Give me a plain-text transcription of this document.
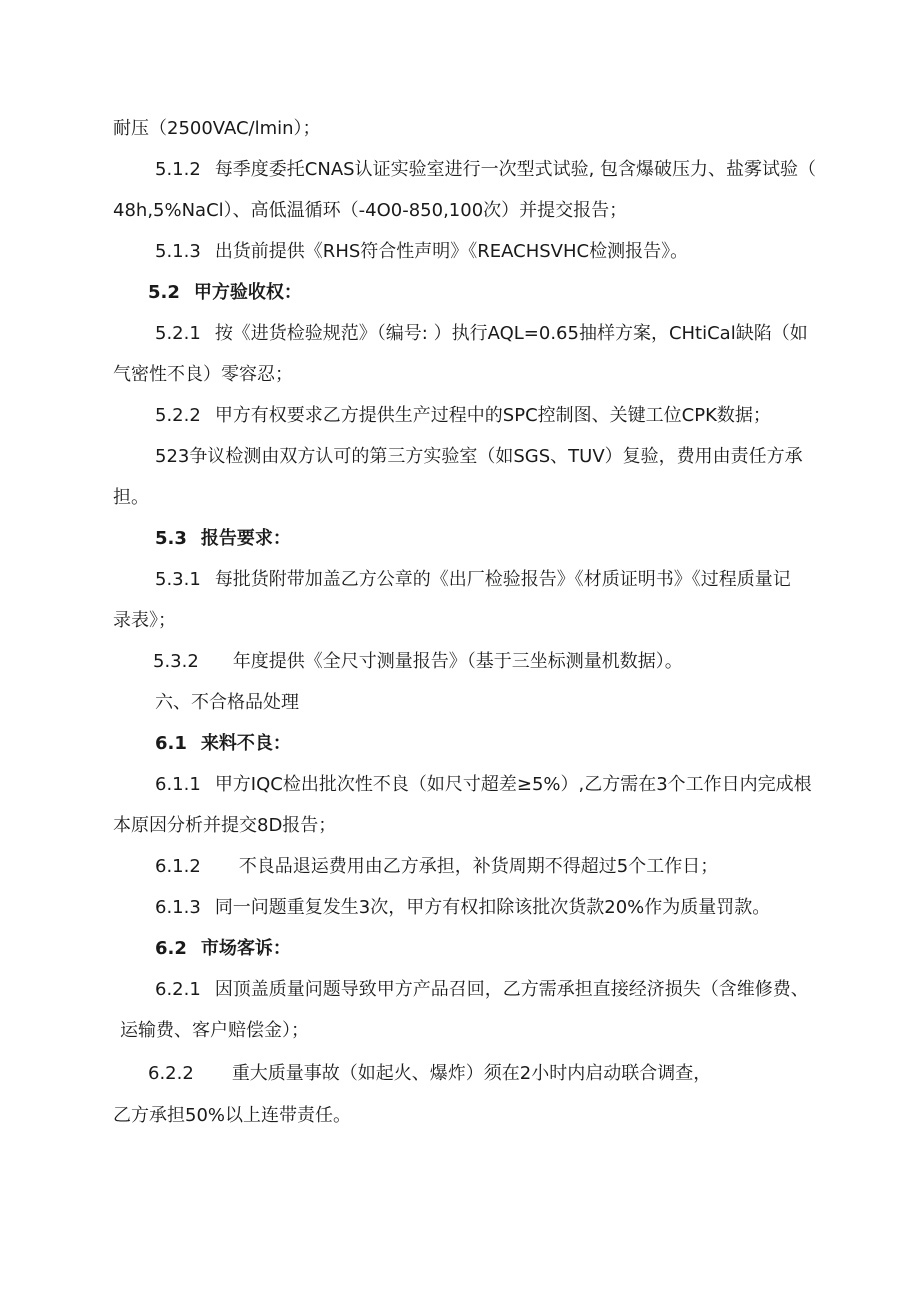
耐压（2500VAC/lmin）；
5.1.2 每季度委托CNAS认证实验室进行一次型式试验, 包含爆破压力、盐雾试验（
48h,5%NaCl）、高低温循环（-4O0-850,100次）并提交报告；
5.1.3 出货前提供《RHS符合性声明》《REACHSVHC检测报告》。
5.2 甲方验收权：
5.2.1 按《进货检验规范》（编号: ）执行AQL=0.65抽样方案，CHtiCal缺陷（如
气密性不良）零容忍；
5.2.2 甲方有权要求乙方提供生产过程中的SPC控制图、关键工位CPK数据；
523争议检测由双方认可的第三方实验室（如SGS、TUV）复验，费用由责任方承
担。
5.3 报告要求：
5.3.1 每批货附带加盖乙方公章的《出厂检验报告》《材质证明书》《过程质量记
录表》；
5.3.2 年度提供《全尺寸测量报告》（基于三坐标测量机数据）。
六、不合格品处理
6.1 来料不良：
6.1.1 甲方IQC检出批次性不良（如尺寸超差≥5%）,乙方需在3个工作日内完成根
本原因分析并提交8D报告；
6.1.2 不良品退运费用由乙方承担，补货周期不得超过5个工作日；
6.1.3 同一问题重复发生3次，甲方有权扣除该批次货款20%作为质量罚款。
6.2 市场客诉：
6.2.1 因顶盖质量问题导致甲方产品召回，乙方需承担直接经济损失（含维修费、
运输费、客户赔偿金）；
6.2.2 重大质量事故（如起火、爆炸）须在2小时内启动联合调查，
乙方承担50%以上连带责任。
